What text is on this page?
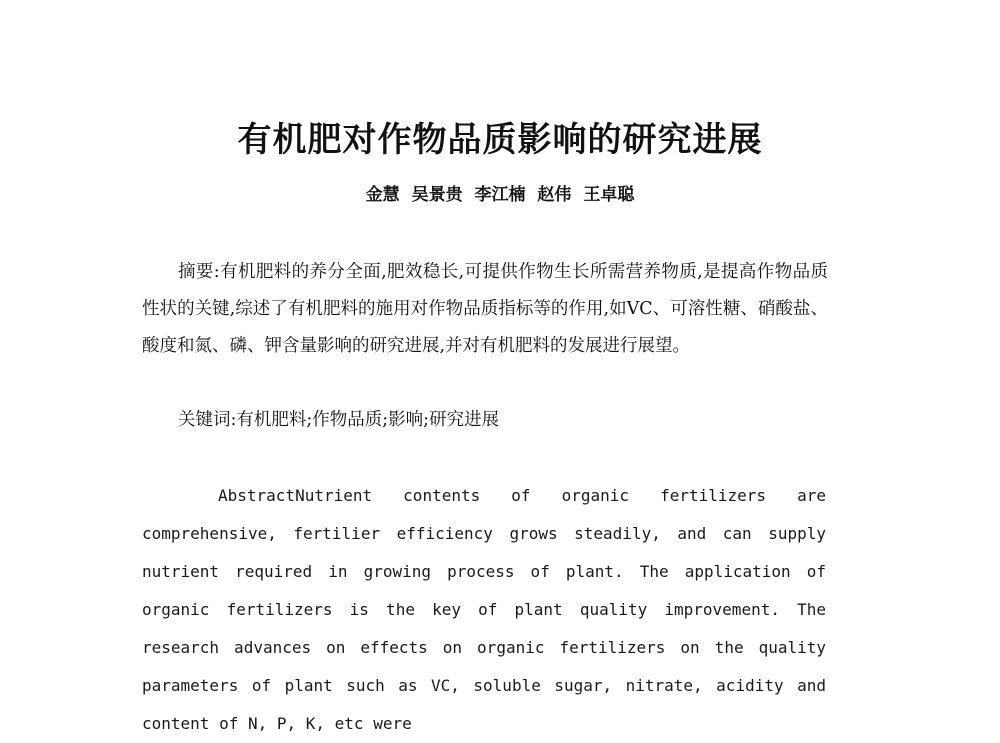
有机肥对作物品质影响的研究进展

金慧 吴景贵 李江楠 赵伟 王卓聪

摘要:有机肥料的养分全面,肥效稳长,可提供作物生长所需营养物质,是提高作物品质性状的关键,综述了有机肥料的施用对作物品质指标等的作用,如VC、可溶性糖、硝酸盐、酸度和氮、磷、钾含量影响的研究进展,并对有机肥料的发展进行展望。

关键词:有机肥料;作物品质;影响;研究进展

AbstractNutrient contents of organic fertilizers are comprehensive, fertilier efficiency grows steadily, and can supply nutrient required in growing process of plant. The application of organic fertilizers is the key of plant quality improvement. The research advances on effects on organic fertilizers on the quality parameters of plant such as VC, soluble sugar, nitrate, acidity and content of N, P, K, etc were
